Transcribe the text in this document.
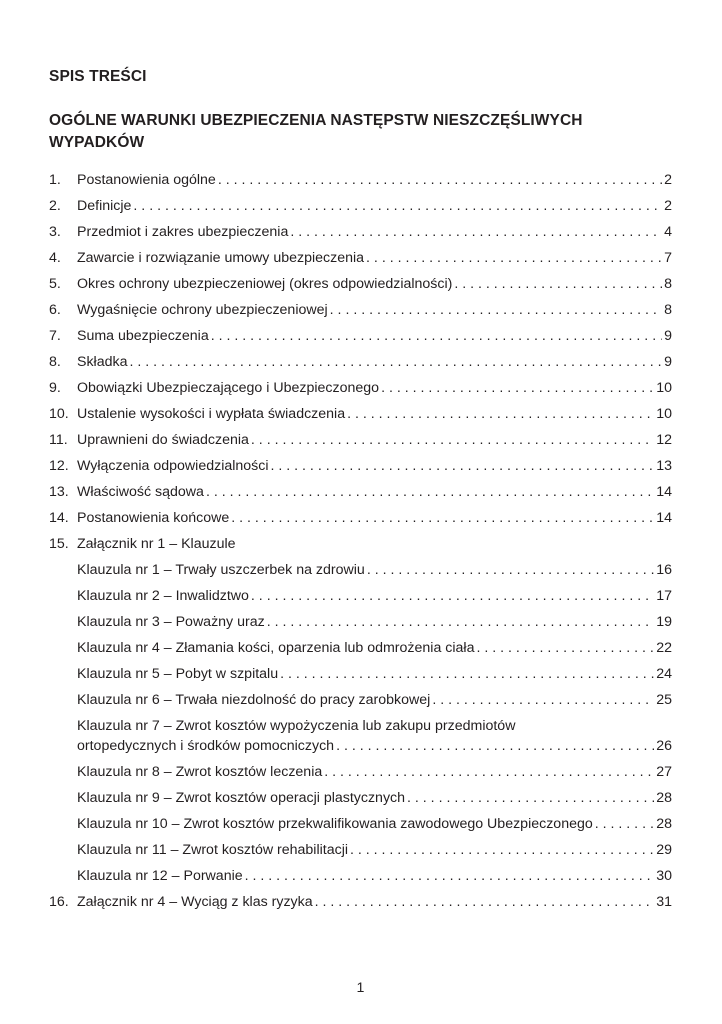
SPIS TREŚCI
OGÓLNE WARUNKI UBEZPIECZENIA NASTĘPSTW NIESZCZĘŚLIWYCH WYPADKÓW
1.	Postanowienia ogólne . . .	2
2.	Definicje . . .	2
3.	Przedmiot i zakres ubezpieczenia . . .	4
4.	Zawarcie i rozwiązanie umowy ubezpieczenia . . .	7
5.	Okres ochrony ubezpieczeniowej (okres odpowiedzialności) . . .	8
6.	Wygaśnięcie ochrony ubezpieczeniowej . . .	8
7.	Suma ubezpieczenia . . .	9
8.	Składka . . .	9
9.	Obowiązki Ubezpieczającego i Ubezpieczonego . . .	10
10. Ustalenie wysokości i wypłata świadczenia . . .	10
11. Uprawnieni do świadczenia . . .	12
12. Wyłączenia odpowiedzialności . . .	13
13. Właściwość sądowa . . .	14
14. Postanowienia końcowe . . .	14
15. Załącznik nr 1 – Klauzule
Klauzula nr 1 – Trwały uszczerbek na zdrowiu . . .	16
Klauzula nr 2 – Inwalidztwo . . .	17
Klauzula nr 3 – Poważny uraz . . .	19
Klauzula nr 4 – Złamania kości, oparzenia lub odmrożenia ciała . . .	22
Klauzula nr 5 – Pobyt w szpitalu . . .	24
Klauzula nr 6 – Trwała niezdolność do pracy zarobkowej . . .	25
Klauzula nr 7 – Zwrot kosztów wypożyczenia lub zakupu przedmiotów
ortopedycznych i środków pomocniczych . . .	26
Klauzula nr 8 – Zwrot kosztów leczenia . . .	27
Klauzula nr 9 – Zwrot kosztów operacji plastycznych . . .	28
Klauzula nr 10 – Zwrot kosztów przekwalifikowania zawodowego Ubezpieczonego . . .	28
Klauzula nr 11 – Zwrot kosztów rehabilitacji . . .	29
Klauzula nr 12 – Porwanie . . .	30
16. Załącznik nr 4 – Wyciąg z klas ryzyka . . .	31
1
